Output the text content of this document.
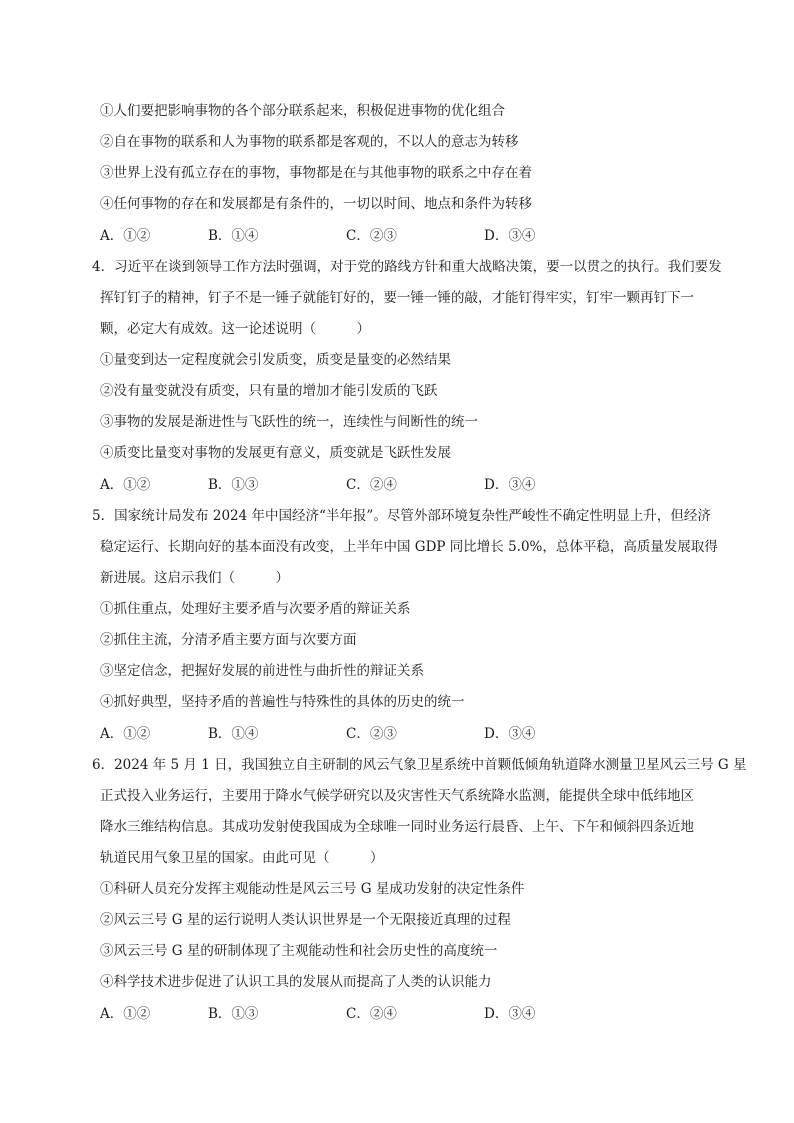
①人们要把影响事物的各个部分联系起来，积极促进事物的优化组合
②自在事物的联系和人为事物的联系都是客观的，不以人的意志为转移
③世界上没有孤立存在的事物，事物都是在与其他事物的联系之中存在着
④任何事物的存在和发展都是有条件的，一切以时间、地点和条件为转移
A．①②	B．①④	C．②③	D．③④
4．习近平在谈到领导工作方法时强调，对于党的路线方针和重大战略决策，要一以贯之的执行。我们要发
挥钉钉子的精神，钉子不是一锤子就能钉好的，要一锤一锤的敲，才能钉得牢实，钉牢一颗再钉下一
颗，必定大有成效。这一论述说明（　　　）
①量变到达一定程度就会引发质变，质变是量变的必然结果
②没有量变就没有质变，只有量的增加才能引发质的飞跃
③事物的发展是渐进性与飞跃性的统一，连续性与间断性的统一
④质变比量变对事物的发展更有意义，质变就是飞跃性发展
A．①②	B．①③	C．②④	D．③④
5．国家统计局发布 2024 年中国经济“半年报”。尽管外部环境复杂性严峻性不确定性明显上升，但经济
稳定运行、长期向好的基本面没有改变，上半年中国 GDP 同比增长 5.0%，总体平稳，高质量发展取得
新进展。这启示我们（　　　）
①抓住重点，处理好主要矛盾与次要矛盾的辩证关系
②抓住主流，分清矛盾主要方面与次要方面
③坚定信念，把握好发展的前进性与曲折性的辩证关系
④抓好典型，坚持矛盾的普遍性与特殊性的具体的历史的统一
A．①②	B．①④	C．②③	D．③④
6．2024 年 5 月 1 日，我国独立自主研制的风云气象卫星系统中首颗低倾角轨道降水测量卫星风云三号 G 星
正式投入业务运行，主要用于降水气候学研究以及灾害性天气系统降水监测，能提供全球中低纬地区
降水三维结构信息。其成功发射使我国成为全球唯一同时业务运行晨昏、上午、下午和倾斜四条近地
轨道民用气象卫星的国家。由此可见（　　　）
①科研人员充分发挥主观能动性是风云三号 G 星成功发射的决定性条件
②风云三号 G 星的运行说明人类认识世界是一个无限接近真理的过程
③风云三号 G 星的研制体现了主观能动性和社会历史性的高度统一
④科学技术进步促进了认识工具的发展从而提高了人类的认识能力
A．①②	B．①③	C．②④	D．③④
